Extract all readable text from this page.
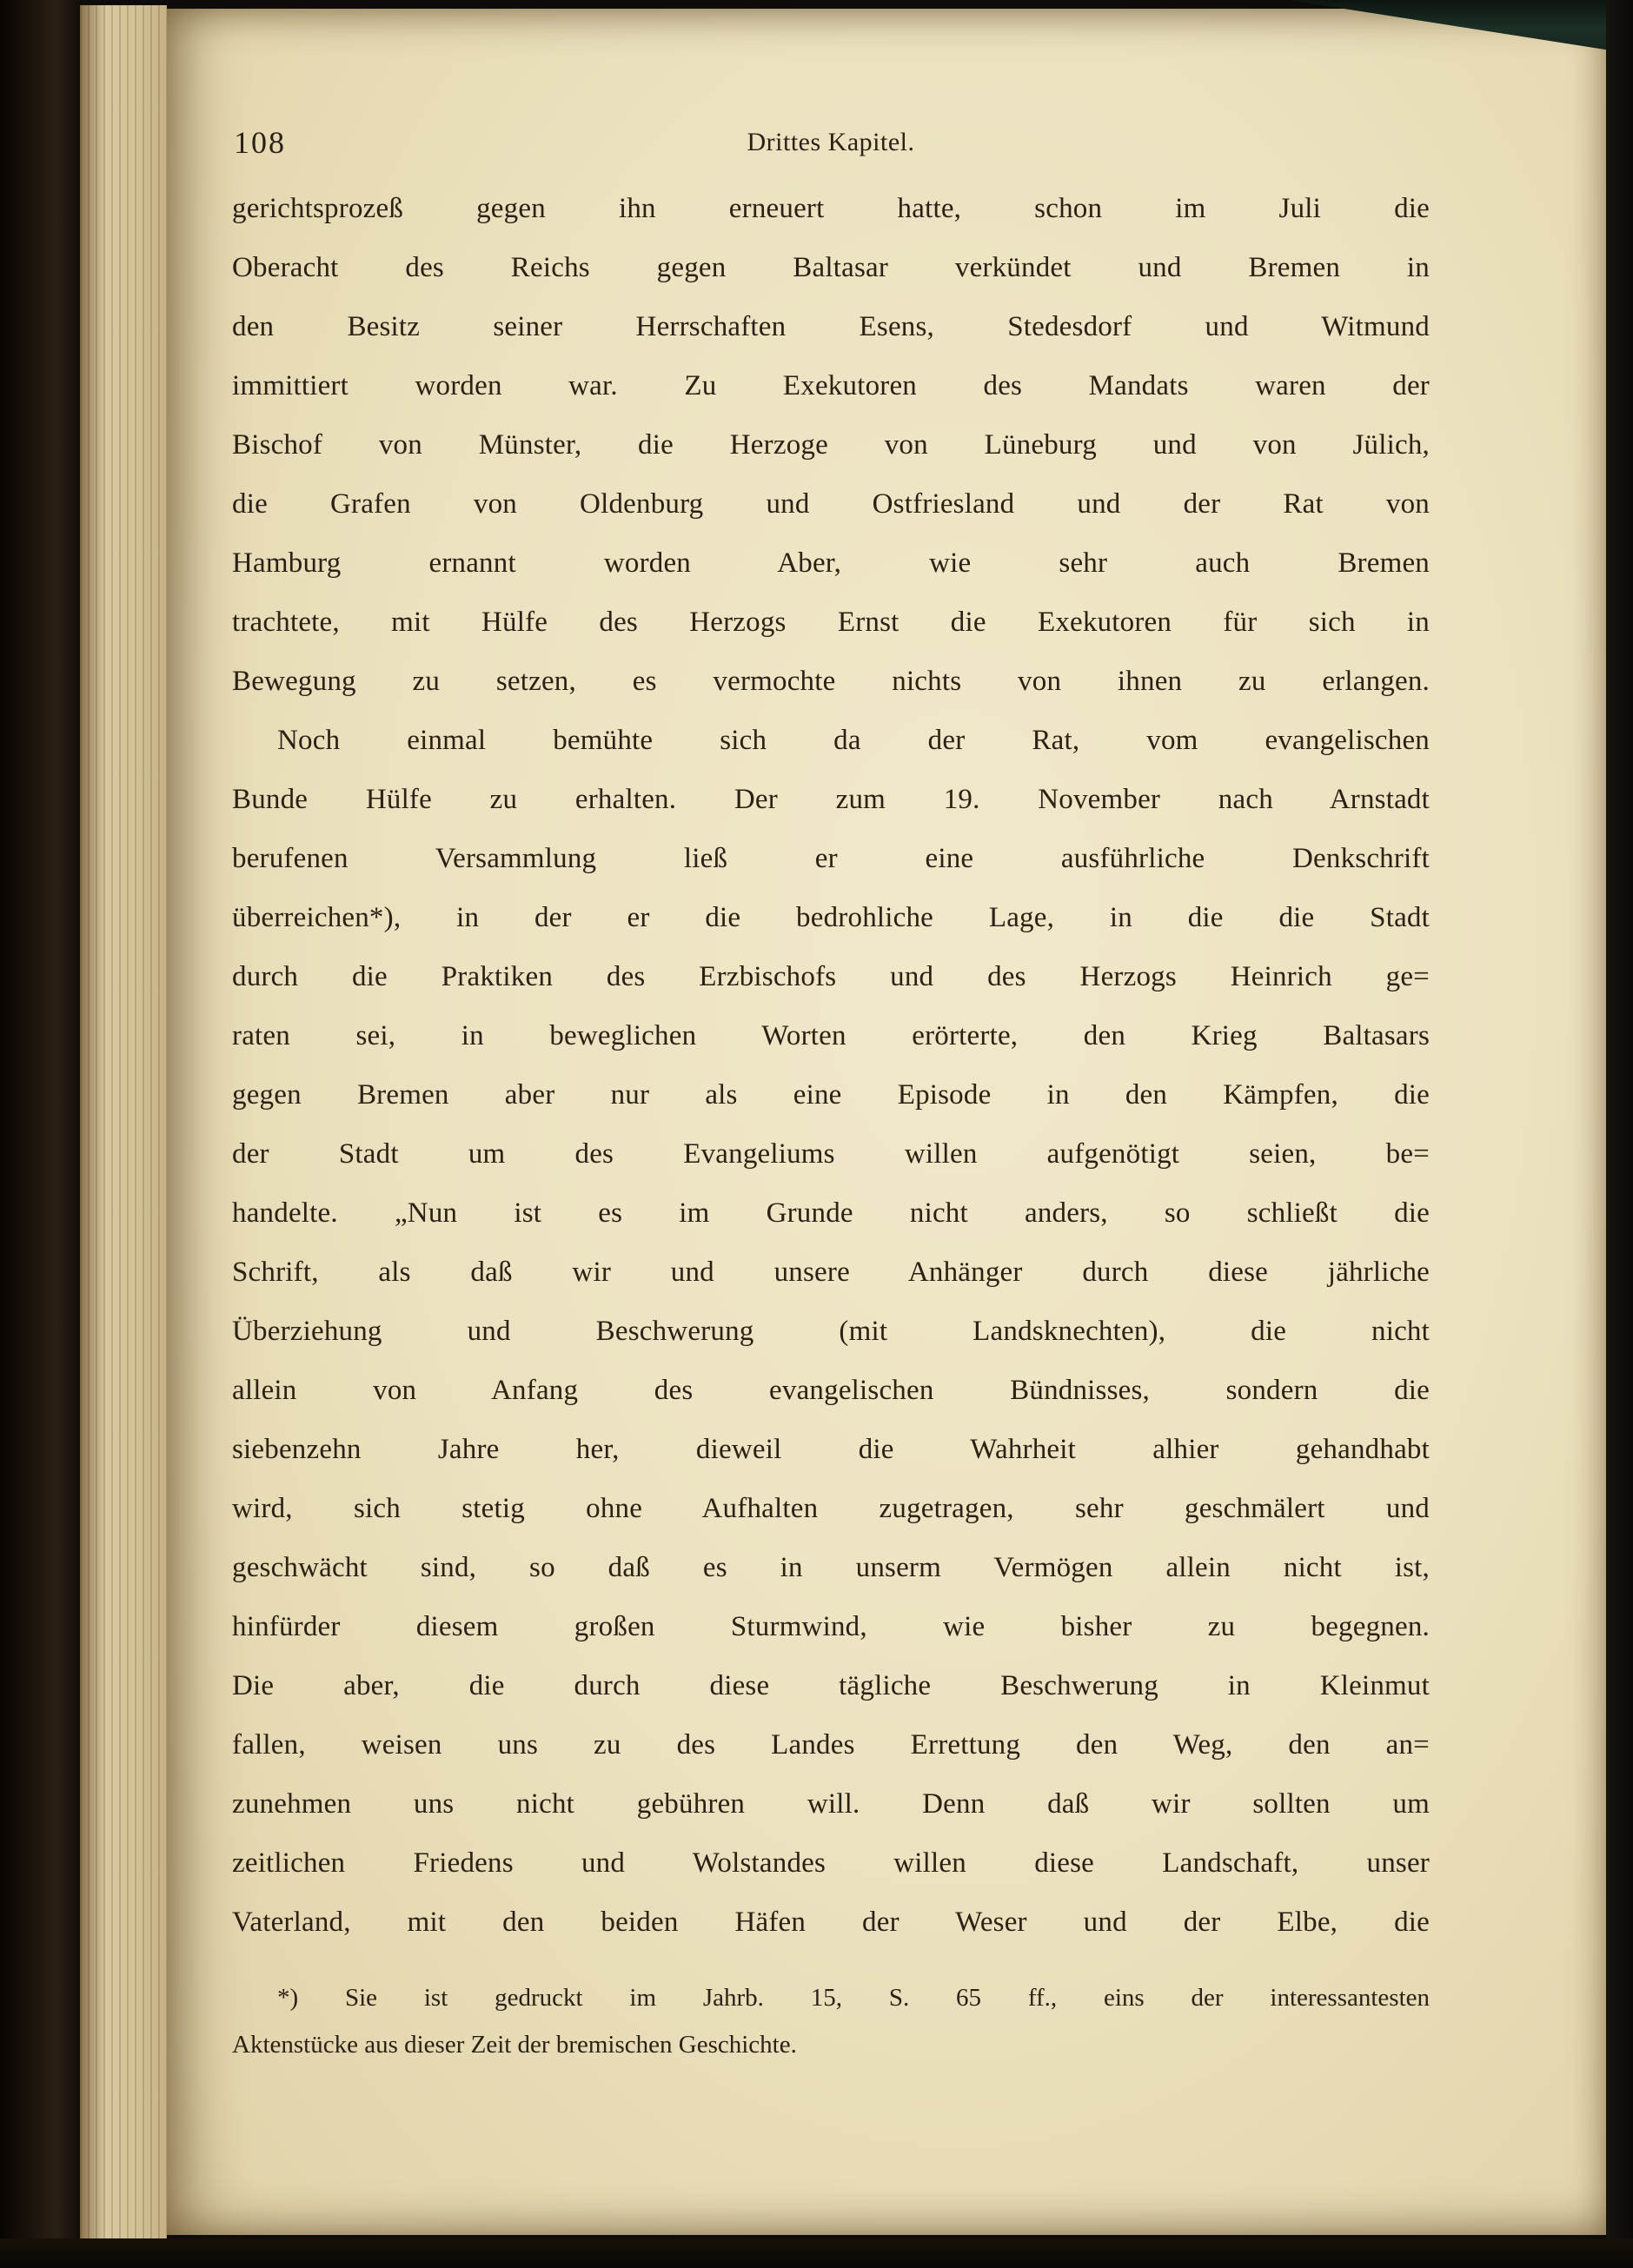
108	Drittes Kapitel.
gerichtsprozeß gegen ihn erneuert hatte, schon im Juli die
Oberacht des Reichs gegen Baltasar verkündet und Bremen in
den Besitz seiner Herrschaften Esens, Stedesdorf und Witmund
immittiert worden war. Zu Exekutoren des Mandats waren der
Bischof von Münster, die Herzoge von Lüneburg und von Jülich,
die Grafen von Oldenburg und Ostfriesland und der Rat von
Hamburg ernannt worden Aber, wie sehr auch Bremen
trachtete, mit Hülfe des Herzogs Ernst die Exekutoren für sich in
Bewegung zu setzen, es vermochte nichts von ihnen zu erlangen.
Noch einmal bemühte sich da der Rat, vom evangelischen
Bunde Hülfe zu erhalten. Der zum 19. November nach Arnstadt
berufenen Versammlung ließ er eine ausführliche Denkschrift
überreichen*), in der er die bedrohliche Lage, in die die Stadt
durch die Praktiken des Erzbischofs und des Herzogs Heinrich ge=
raten sei, in beweglichen Worten erörterte, den Krieg Baltasars
gegen Bremen aber nur als eine Episode in den Kämpfen, die
der Stadt um des Evangeliums willen aufgenötigt seien, be=
handelte. „Nun ist es im Grunde nicht anders, so schließt die
Schrift, als daß wir und unsere Anhänger durch diese jährliche
Überziehung und Beschwerung (mit Landsknechten), die nicht
allein von Anfang des evangelischen Bündnisses, sondern die
siebenzehn Jahre her, dieweil die Wahrheit alhier gehandhabt
wird, sich stetig ohne Aufhalten zugetragen, sehr geschmälert und
geschwächt sind, so daß es in unserm Vermögen allein nicht ist,
hinfürder diesem großen Sturmwind, wie bisher zu begegnen.
Die aber, die durch diese tägliche Beschwerung in Kleinmut
fallen, weisen uns zu des Landes Errettung den Weg, den an=
zunehmen uns nicht gebühren will. Denn daß wir sollten um
zeitlichen Friedens und Wolstandes willen diese Landschaft, unser
Vaterland, mit den beiden Häfen der Weser und der Elbe, die
*) Sie ist gedruckt im Jahrb. 15, S. 65 ff., eins der interessantesten
Aktenstücke aus dieser Zeit der bremischen Geschichte.
